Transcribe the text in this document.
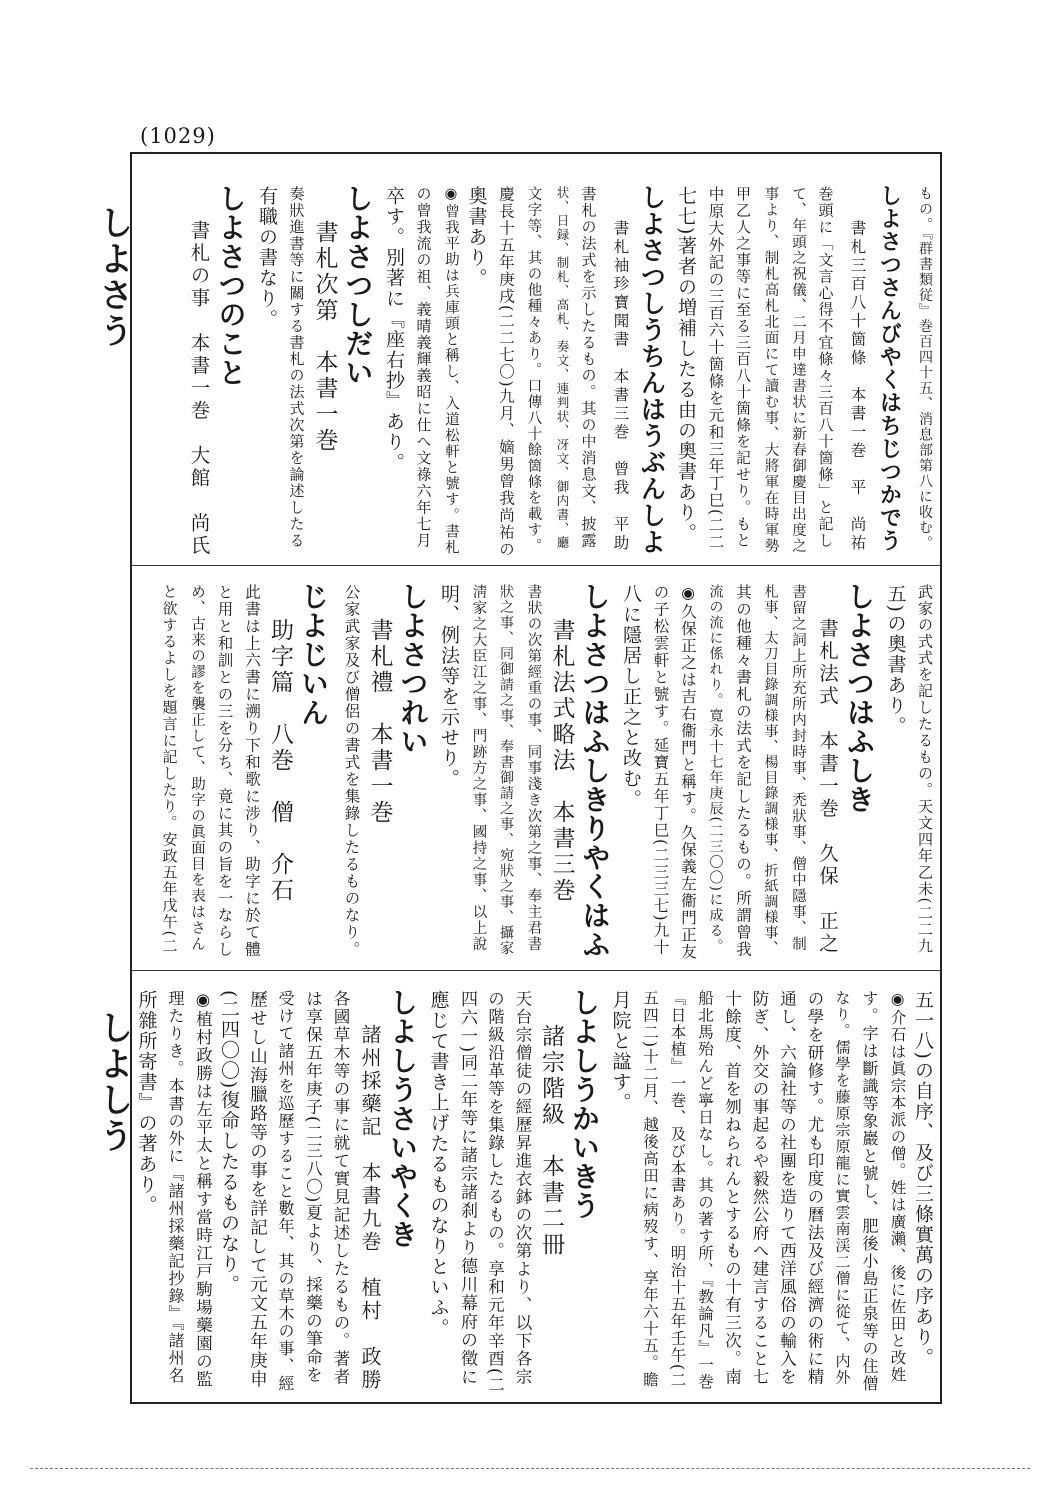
(1029)
しよさう
しよしう
もの。『群書類従』巻百四十五、消息部第八に收む。
しよさつさんびやくはちじつかでう
書札三百八十箇條　本書一巻　平　尚祐
巻頭に「文言心得不宜條々三百八十箇條」と記し
て、年頭之祝儀、二月申達書状に新春御慶目出度之
事より、制札高札北面にて讀む事、大將軍在時軍勢
甲乙人之事等に至る三百八十箇條を記せり。もと
中原大外記の三百六十箇條を元和三年丁巳(二二
七七)著者の増補したる由の奧書あり。
しよさつしうちんはうぶんしよ
書札袖珍寶聞書　本書三巻　曾我　平助
書札の法式を示したるもの。其の中消息文、披露
状、日録、制札、高札、奏文、連判状、冴文、御内書、廳
文字等、其の他種々あり。口傳八十餘箇條を載す。
慶長十五年庚戌(二二七〇)九月、嫡男曾我尚祐の
奧書あり。
◉曾我平助は兵庫頭と稱し、入道松軒と號す。書札
の曾我流の祖、義晴義輝義昭に仕へ文祿六年七月
卒す。別著に『座右抄』あり。
しよさつしだい
書札次第　本書一巻
奏狀進書等に關する書札の法式次第を論述したる
有職の書なり。
しよさつのこと
書札の事　本書一巻　大館　尚氏
武家の式式を記したるもの。天文四年乙未(二二九
五)の奧書あり。
しよさつはふしき
書札法式　本書一巻　久保　正之
書留之詞上所充所内封時事、禿狀事、僧中隱事、制
札事、太刀目錄調様事、楊目錄調様事、折紙調様事、
其の他種々書札の法式を記したるもの。所謂曾我
流の流に係れり。寛永十七年庚辰(二三〇〇)に成る。
◉久保正之は吉右衞門と稱す。久保義左衞門正友
の子松雲軒と號す。延寶五年丁巳(二三三七)九十
八に隱居し正之と改む。
しよさつはふしきりやくはふ
書札法式略法　本書三巻
書狀の次第經重の事、同事淺き次第之事、奉主君書
狀之事、同御請之事、奉書御請之事、宛狀之事、攝家
淸家之大臣江之事、門跡方之事、國持之事、以上說
明、例法等を示せり。
しよさつれい
書札禮　本書一巻
公家武家及び僧侶の書式を集錄したるものなり。
じよじいん
助字篇　八巻　僧　介石
此書は上六書に溯り下和歌に涉り、助字に於て體
と用と和訓との三を分ち、竟に其の旨を一ならし
め、古来の謬を襲正して、助字の眞面目を表はさん
と欲するよしを題言に記したり。安政五年戊午(二
五一八)の自序、及び三條實萬の序あり。
◉介石は眞宗本派の僧。姓は廣瀨、後に佐田と改姓
す。字は斷識等象巖と號し、肥後小島正泉等の住僧
なり。儒學を藤原宗原龍に實雲南渓二僧に從て、内外
の學を研修す。尤も印度の曆法及び經濟の術に精
通し、六論社等の社團を造りて西洋風俗の輸入を
防ぎ、外交の事起るや毅然公府へ建言すること七
十餘度、首を刎ねられんとするもの十有三次。南
船北馬殆んど寧日なし。其の著す所、『教論凡』一巻
『日本植』一巻、及び本書あり。明治十五年壬午(二
五四二)十二月、越後高田に病歿す、享年六十五。瞻
月院と諡す。
しよしうかいきう
諸宗階級　本書二冊
天台宗僧徒の經歷昇進衣鉢の次第より、以下各宗
の階級沿革等を集錄したるもの。享和元年辛酉(二
四六一)同二年等に諸宗諸刹より德川幕府の徵に
應じて書き上げたるものなりといふ。
しよしうさいやくき
諸州採藥記　本書九巻　植村　政勝
各國草木等の事に就て實見記述したるもの。著者
は享保五年庚子(二三八〇)夏より、採藥の筆命を
受けて諸州を巡歷すること數年、其の草木の事、經
歷せし山海臘路等の事を詳記して元文五年庚申
(二四〇〇)復命したるものなり。
◉植村政勝は左平太と稱す當時江戸駒場藥園の監
理たりき。本書の外に『諸州採藥記抄錄』『諸州名
所雜所寄書』の著あり。
